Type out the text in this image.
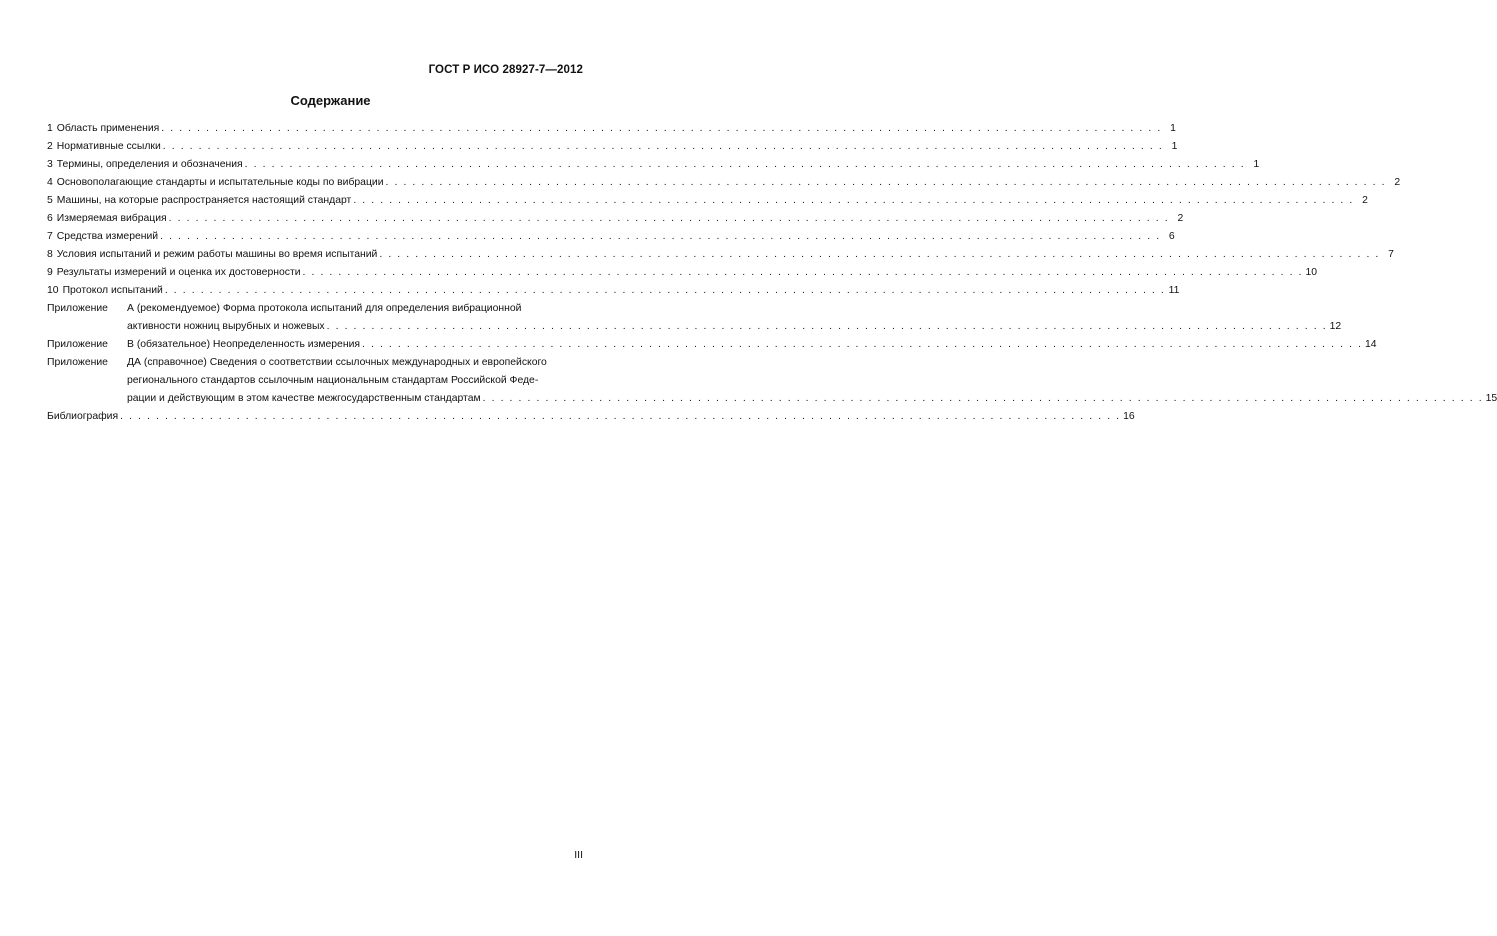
ГОСТ Р ИСО 28927-7—2012
Содержание
1 Область применения . . .	1
2 Нормативные ссылки . . .	1
3 Термины, определения и обозначения . . .	1
4 Основополагающие стандарты и испытательные коды по вибрации . . .	2
5 Машины, на которые распространяется настоящий стандарт . . .	2
6 Измеряемая вибрация . . .	2
7 Средства измерений . . .	6
8 Условия испытаний и режим работы машины во время испытаний . . .	7
9 Результаты измерений и оценка их достоверности . . .	10
10 Протокол испытаний . . .	11
Приложение	А (рекомендуемое) Форма протокола испытаний для определения вибрационной
активности ножниц вырубных и ножевых . . .	12
Приложение	В (обязательное) Неопределенность измерения . . .	14
Приложение	ДА (справочное) Сведения о соответствии ссылочных международных и европейского
регионального стандартов ссылочным национальным стандартам Российской Феде-
рации и действующим в этом качестве межгосударственным стандартам . . .	15
Библиография . . .	16
III
